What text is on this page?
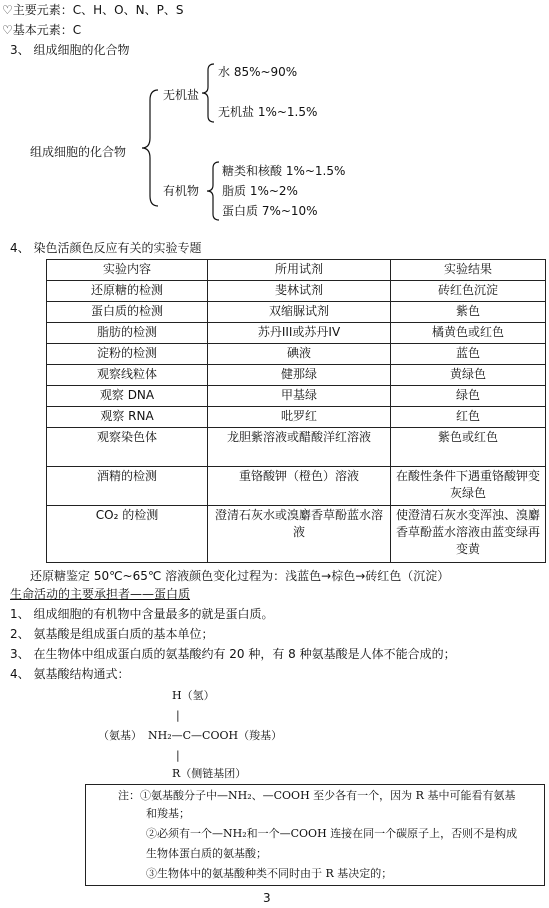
♡主要元素：C、H、O、N、P、S
♡基本元素：C
3、 组成细胞的化合物
组成细胞的化合物
无机盐
水 85%~90%
无机盐 1%~1.5%
有机物
糖类和核酸 1%~1.5%
脂质 1%~2%
蛋白质 7%~10%
4、 染色活颜色反应有关的实验专题
实验内容	所用试剂	实验结果
还原糖的检测	斐林试剂	砖红色沉淀
蛋白质的检测	双缩脲试剂	紫色
脂肪的检测	苏丹III或苏丹IV	橘黄色或红色
淀粉的检测	碘液	蓝色
观察线粒体	健那绿	黄绿色
观察 DNA	甲基绿	绿色
观察 RNA	吡罗红	红色
观察染色体	龙胆紫溶液或醋酸洋红溶液	紫色或红色
酒精的检测	重铬酸钾（橙色）溶液	在酸性条件下遇重铬酸钾变灰绿色
CO₂ 的检测	澄清石灰水或溴麝香草酚蓝水溶液	使澄清石灰水变浑浊、溴麝香草酚蓝水溶液由蓝变绿再变黄
还原糖鉴定 50℃~65℃ 溶液颜色变化过程为：浅蓝色→棕色→砖红色（沉淀）
生命活动的主要承担者——蛋白质
1、 组成细胞的有机物中含量最多的就是蛋白质。
2、 氨基酸是组成蛋白质的基本单位；
3、 在生物体中组成蛋白质的氨基酸约有 20 种，有 8 种氨基酸是人体不能合成的；
4、 氨基酸结构通式：
H（氢）
|
（氨基） NH₂—C—COOH（羧基）
|
R（侧链基团）
注：①氨基酸分子中—NH₂、—COOH 至少各有一个，因为 R 基中可能看有氨基
和羧基；
②必须有一个—NH₂和一个—COOH 连接在同一个碳原子上，否则不是构成
生物体蛋白质的氨基酸；
③生物体中的氨基酸种类不同时由于 R 基决定的；
3
